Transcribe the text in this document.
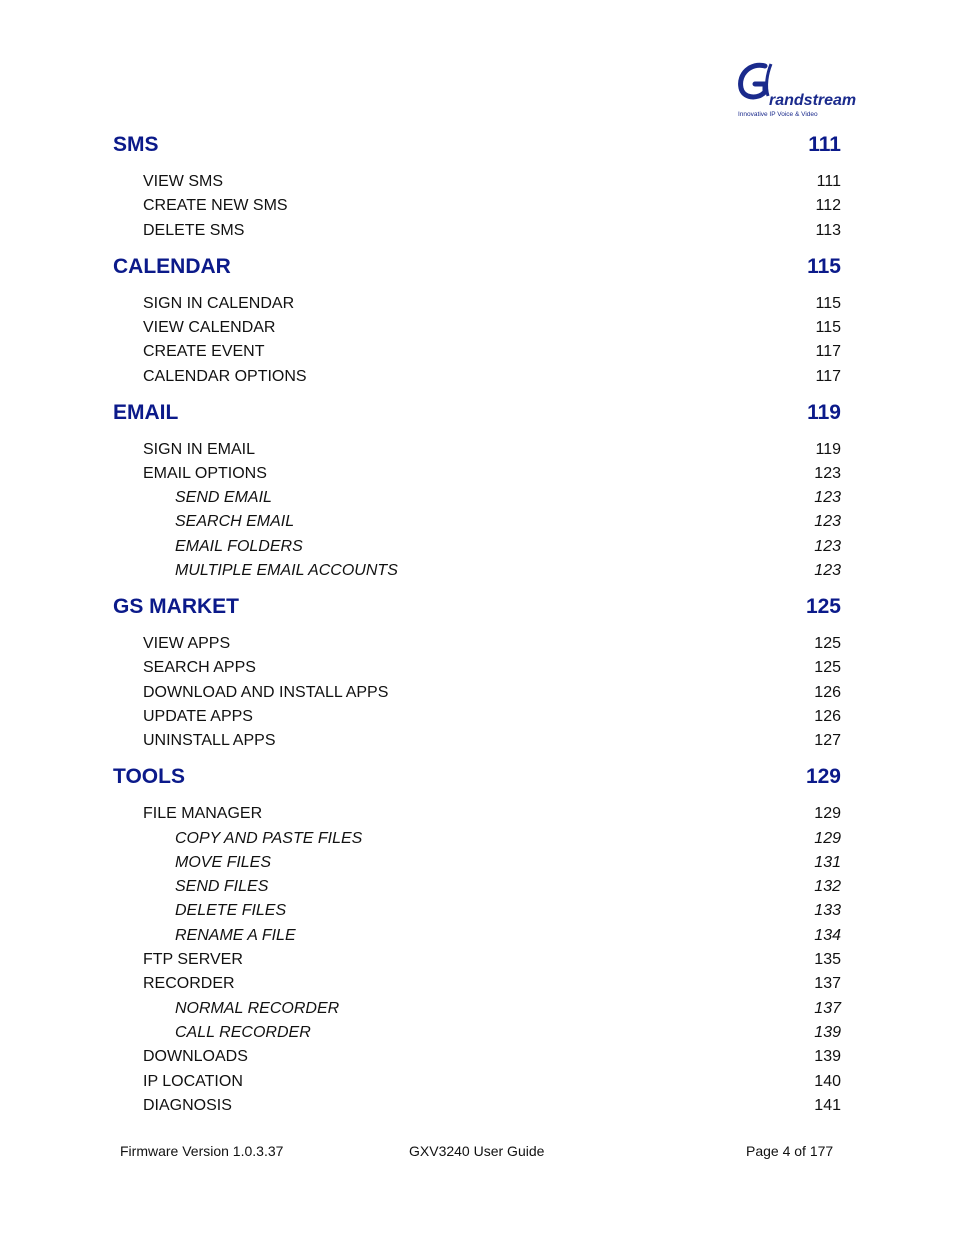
randstream
Innovative IP Voice & Video
SMS	111
VIEW SMS	111
CREATE NEW SMS	112
DELETE SMS	113
CALENDAR	115
SIGN IN CALENDAR	115
VIEW CALENDAR	115
CREATE EVENT	117
CALENDAR OPTIONS	117
EMAIL	119
SIGN IN EMAIL	119
EMAIL OPTIONS	123
SEND EMAIL	123
SEARCH EMAIL	123
EMAIL FOLDERS	123
MULTIPLE EMAIL ACCOUNTS	123
GS MARKET	125
VIEW APPS	125
SEARCH APPS	125
DOWNLOAD AND INSTALL APPS	126
UPDATE APPS	126
UNINSTALL APPS	127
TOOLS	129
FILE MANAGER	129
COPY AND PASTE FILES	129
MOVE FILES	131
SEND FILES	132
DELETE FILES	133
RENAME A FILE	134
FTP SERVER	135
RECORDER	137
NORMAL RECORDER	137
CALL RECORDER	139
DOWNLOADS	139
IP LOCATION	140
DIAGNOSIS	141
Firmware Version 1.0.3.37	GXV3240 User Guide	Page 4 of 177
